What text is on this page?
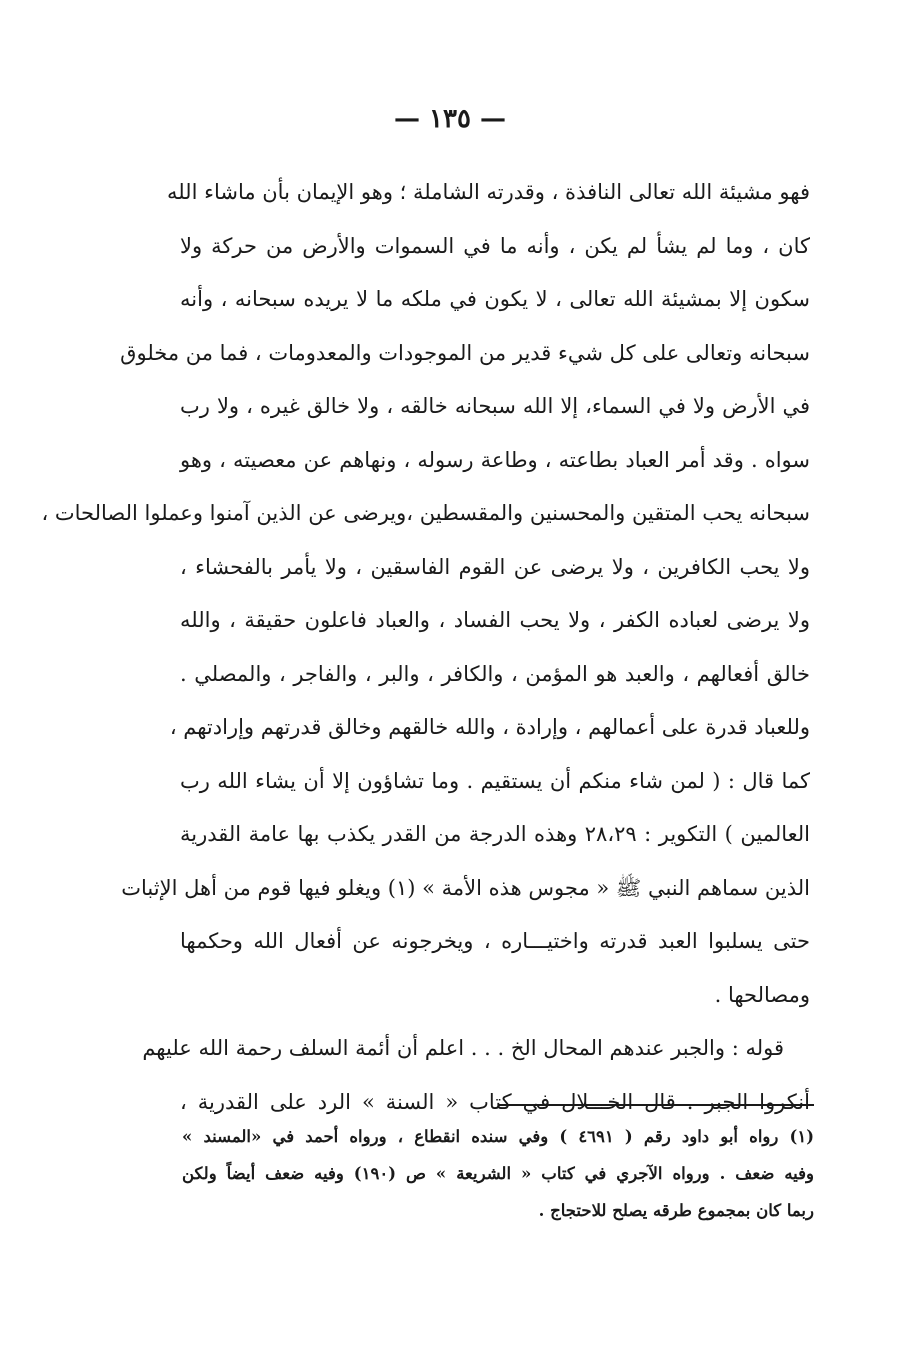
— ١٣٥ —
فهو مشيئة الله تعالى النافذة ، وقدرته الشاملة ؛ وهو الإيمان بأن ماشاء الله
كان ، وما لم يشأ لم يكن ، وأنه ما في السموات والأرض من حركة ولا
سكون إلا بمشيئة الله تعالى ، لا يكون في ملكه ما لا يريده سبحانه ، وأنه
سبحانه وتعالى على كل شيء قدير من الموجودات والمعدومات ، فما من مخلوق
في الأرض ولا في السماء، إلا الله سبحانه خالقه ، ولا خالق غيره ، ولا رب
سواه . وقد أمر العباد بطاعته ، وطاعة رسوله ، ونهاهم عن معصيته ، وهو
سبحانه يحب المتقين والمحسنين والمقسطين ،ويرضى عن الذين آمنوا وعملوا الصالحات ،
ولا يحب الكافرين ، ولا يرضى عن القوم الفاسقين ، ولا يأمر بالفحشاء ،
ولا يرضى لعباده الكفر ، ولا يحب الفساد ، والعباد فاعلون حقيقة ، والله
خالق أفعالهم ، والعبد هو المؤمن ، والكافر ، والبر ، والفاجر ، والمصلي .
وللعباد قدرة على أعمالهم ، وإرادة ، والله خالقهم وخالق قدرتهم وإرادتهم ،
كما قال : ( لمن شاء منكم أن يستقيم . وما تشاؤون إلا أن يشاء الله رب
العالمين ) التكوير : ٢٨،٢٩ وهذه الدرجة من القدر يكذب بها عامة القدرية
الذين سماهم النبي ﷺ « مجوس هذه الأمة » (١) ويغلو فيها قوم من أهل الإثبات
حتى يسلبوا العبد قدرته واختيـــاره ، ويخرجونه عن أفعال الله وحكمها
ومصالحها .
قوله : والجبر عندهم المحال الخ . . . اعلم أن أئمة السلف رحمة الله عليهم
أنكروا الجبر . قال الخـــلال في كتاب « السنة » الرد على القدرية ،
(١) رواه أبو داود رقم ( ٤٦٩١ ) وفي سنده انقطاع ، ورواه أحمد في «المسند »
وفيه ضعف . ورواه الآجري في كتاب « الشريعة » ص (١٩٠) وفيه ضعف أيضاً ولكن
ربما كان بمجموع طرقه يصلح للاحتجاج .
